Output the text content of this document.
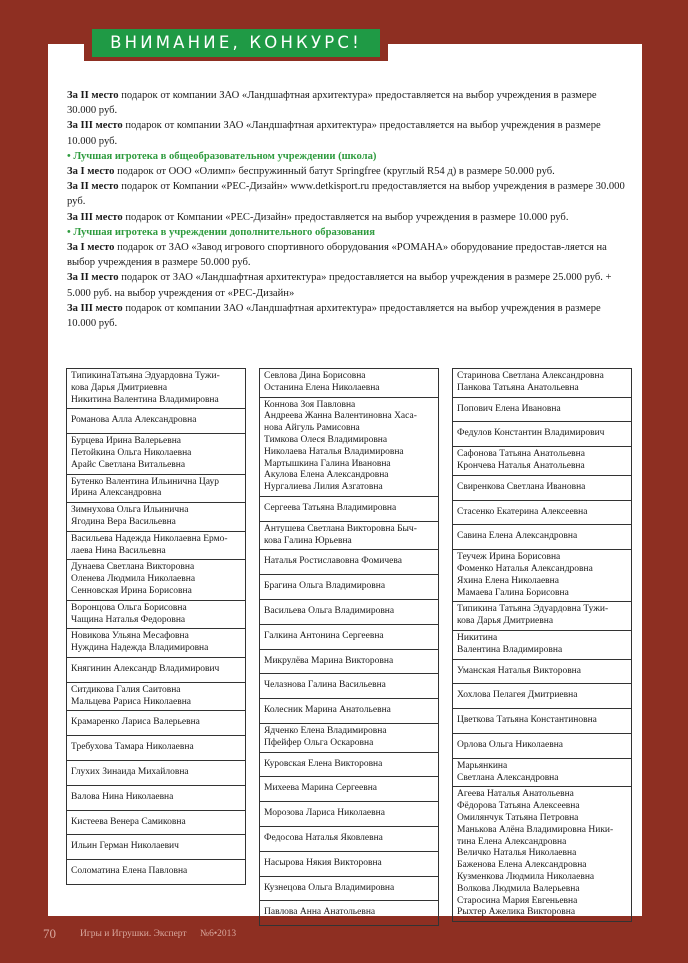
ВНИМАНИЕ, КОНКУРС!

За II место подарок от компании ЗАО «Ландшафтная архитектура» предоставляется на выбор учреждения в размере 30.000 руб.

За III место подарок от компании ЗАО «Ландшафтная архитектура» предоставляется на выбор учреждения в размере 10.000 руб.

• Лучшая игротека в общеобразовательном учреждении (школа)

За I место подарок от ООО «Олимп» беспружинный батут Springfree (круглый R54 д) в размере 50.000 руб.

За II место подарок от Компании «РЕС-Дизайн» www.detkisport.ru предоставляется на выбор учреждения в размере 30.000 руб.

За III место подарок от Компании «РЕС-Дизайн» предоставляется на выбор учреждения в размере 10.000 руб.

• Лучшая игротека в учреждении дополнительного образования

За I место подарок от ЗАО «Завод игрового спортивного оборудования «РОМАНА» оборудование предостав-ляется на выбор учреждения в размере 50.000 руб.

За II место подарок от ЗАО «Ландшафтная архитектура» предоставляется на выбор учреждения в размере 25.000 руб. + 5.000 руб. на выбор учреждения от «РЕС-Дизайн»

За III место подарок от компании ЗАО «Ландшафтная архитектура» предоставляется на выбор учреждения в размере 10.000 руб.

ТипикинаТатьяна Эдуардовна Тужи-
кова Дарья Дмитриевна
Никитина Валентина Владимировна
Романова Алла Александровна
Бурцева Ирина Валерьевна
Петойкина Ольга Николаевна
Арайс Светлана Витальевна
Бутенко Валентина Ильинична Цаур
Ирина Александровна
Зимнухова Ольга Ильинична
Ягодина Вера Васильевна
Васильева Надежда Николаевна Ермо-
лаева Нина Васильевна
Дунаева Светлана Викторовна
Оленева Людмила Николаевна
Сенновская Ирина Борисовна
Воронцова Ольга Борисовна
Чащина Наталья Федоровна
Новикова Ульяна Месафовна
Нуждина Надежда Владимировна
Княгинин Александр Владимирович
Ситдикова Галия Саитовна
Мальцева Рариса Николаевна
Крамаренко Лариса Валерьевна
Требухова Тамара Николаевна
Глухих Зинаида Михайловна
Валова Нина Николаевна
Кистеева Венера Самиковна
Ильин Герман Николаевич
Соломатина Елена Павловна
Севлова Дина Борисовна
Останина Елена Николаевна
Коннова Зоя Павловна
Андреева Жанна Валентиновна Хаса-
нова Айгуль Рамисовна
Тимкова Олеся Владимировна
Николаева Наталья Владимировна
Мартышкина Галина Ивановна
Акулова Елена Александровна
Нургалиева Лилия Азгатовна
Сергеева Татьяна Владимировна
Антушева Светлана Викторовна Быч-
кова Галина Юрьевна
Наталья Ростиславовна Фомичева
Брагина Ольга Владимировна
Васильева Ольга Владимировна
Галкина Антонина Сергеевна
Микрулёва Марина Викторовна
Челазнова Галина Васильевна
Колесник Марина Анатольевна
Ядченко Елена Владимировна
Пфейфер Ольга Оскаровна
Куровская Елена Викторовна
Михеева Марина Сергеевна
Морозова Лариса Николаевна
Федосова Наталья Яковлевна
Насырова Някия Викторовна
Кузнецова Ольга Владимировна
Павлова Анна Анатольевна
Старинова Светлана Александровна
Панкова Татьяна Анатольевна
Попович Елена Ивановна
Федулов Константин Владимирович
Сафонова Татьяна Анатольевна
Крончева Наталья Анатольевна
Свиренкова Светлана Ивановна
Стасенко Екатерина Алексеевна
Савина Елена Александровна
Теучеж Ирина Борисовна
Фоменко Наталья Александровна
Яхина Елена Николаевна
Мамаева Галина Борисовна
Типикина Татьяна Эдуардовна Тужи-
кова Дарья Дмитриевна
Никитина
Валентина Владимировна
Уманская Наталья Викторовна
Хохлова Пелагея Дмитриевна
Цветкова Татьяна Константиновна
Орлова Ольга Николаевна
Марьянкина
Светлана Александровна
Агеева Наталья Анатольевна
Фёдорова Татьяна Алексеевна
Омилянчук Татьяна Петровна
Манькова Алёна Владимировна Ники-
тина Елена Александровна
Величко Наталья Николаевна
Баженова Елена Александровна
Кузменкова Людмила Николаевна
Волкова Людмила Валерьевна
Старосина Мария Евгеньевна
Рыхтер Ажелика Викторовна
70	Игры и Игрушки. Эксперт №6•2013
